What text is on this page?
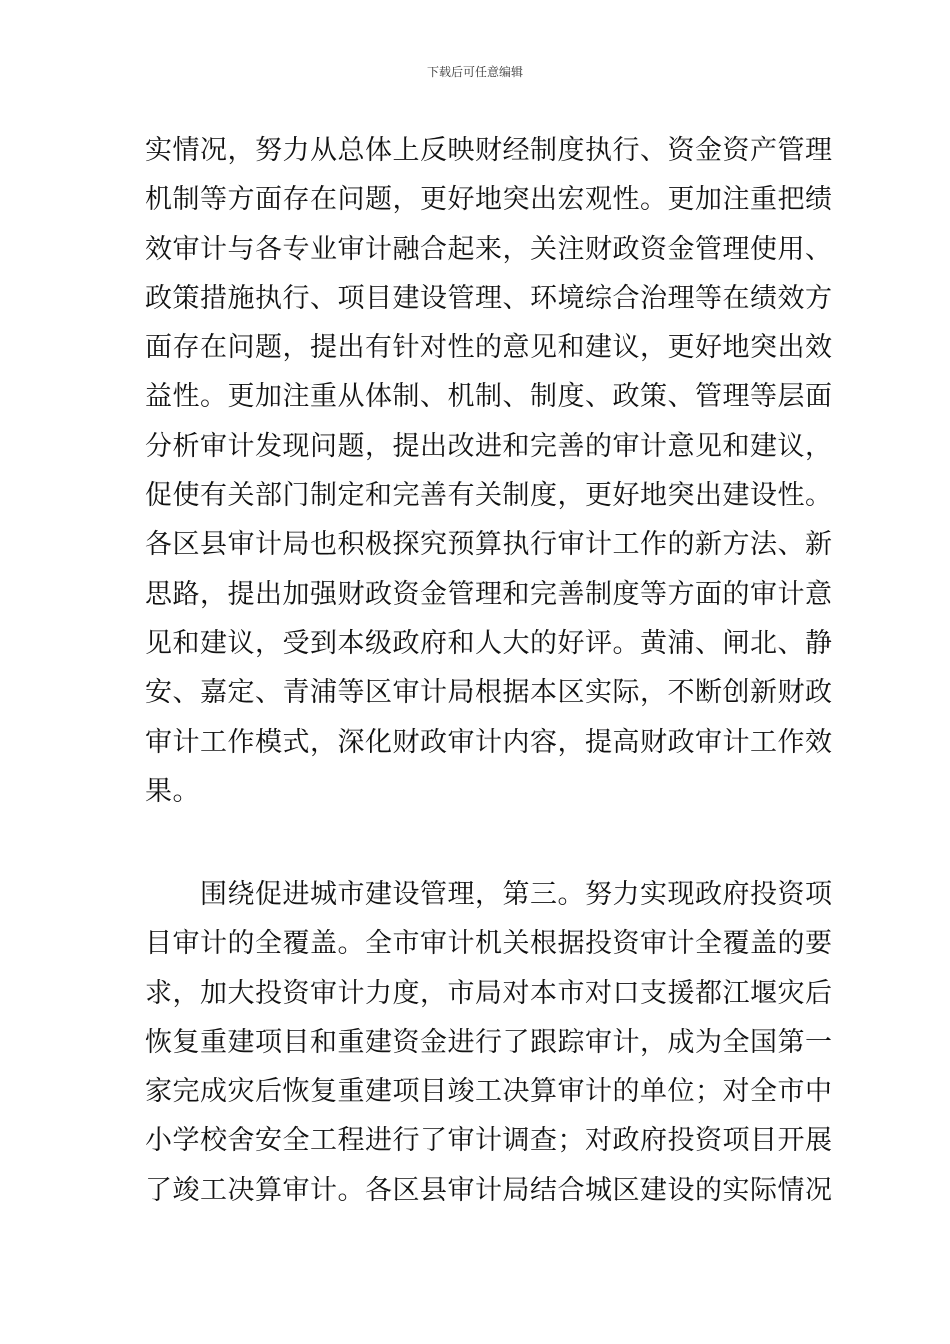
下载后可任意编辑
实情况，努力从总体上反映财经制度执行、资金资产管理
机制等方面存在问题，更好地突出宏观性。更加注重把绩
效审计与各专业审计融合起来，关注财政资金管理使用、
政策措施执行、项目建设管理、环境综合治理等在绩效方
面存在问题，提出有针对性的意见和建议，更好地突出效
益性。更加注重从体制、机制、制度、政策、管理等层面
分析审计发现问题，提出改进和完善的审计意见和建议，
促使有关部门制定和完善有关制度，更好地突出建设性。
各区县审计局也积极探究预算执行审计工作的新方法、新
思路，提出加强财政资金管理和完善制度等方面的审计意
见和建议，受到本级政府和人大的好评。黄浦、闸北、静
安、嘉定、青浦等区审计局根据本区实际，不断创新财政
审计工作模式，深化财政审计内容，提高财政审计工作效
果。
　　围绕促进城市建设管理，第三。努力实现政府投资项
目审计的全覆盖。全市审计机关根据投资审计全覆盖的要
求，加大投资审计力度，市局对本市对口支援都江堰灾后
恢复重建项目和重建资金进行了跟踪审计，成为全国第一
家完成灾后恢复重建项目竣工决算审计的单位；对全市中
小学校舍安全工程进行了审计调查；对政府投资项目开展
了竣工决算审计。各区县审计局结合城区建设的实际情况
